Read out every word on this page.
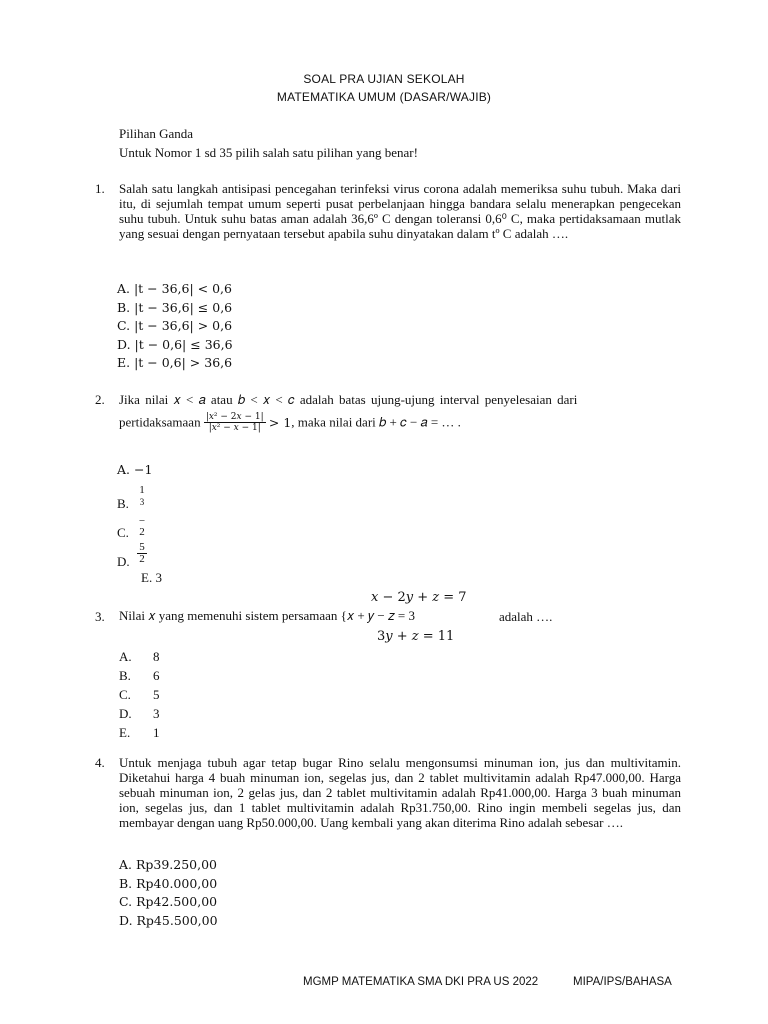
SOAL PRA UJIAN SEKOLAH
MATEMATIKA UMUM (DASAR/WAJIB)
Pilihan Ganda
Untuk Nomor 1 sd 35 pilih salah satu pilihan yang benar!
1.	Salah satu langkah antisipasi pencegahan terinfeksi virus corona adalah memeriksa suhu tubuh. Maka dari itu, di sejumlah tempat umum seperti pusat perbelanjaan hingga bandara selalu menerapkan pengecekan suhu tubuh. Untuk suhu batas aman adalah 36,6º C dengan toleransi 0,6⁰ C, maka pertidaksamaan mutlak yang sesuai dengan pernyataan tersebut apabila suhu dinyatakan dalam tº C adalah ….
A. |t − 36,6| < 0,6
B. |t − 36,6| ≤ 0,6
C. |t − 36,6| > 0,6
D. |t − 0,6| ≤ 36,6
E. |t − 0,6| > 36,6
2.	Jika nilai 𝑥 < 𝑎 atau 𝑏 < 𝑥 < 𝑐 adalah batas ujung-ujung interval penyelesaian dari
pertidaksamaan $\frac{\text{|𝑥² − 2𝑥 − 1|}}{\text{|𝑥² − 𝑥 − 1|}} > 1$, maka nilai dari 𝑏 + 𝑐 − 𝑎 = … .
A. −1
B.
1
3
C.
−
2
D. $\frac{5}{2}$
E. 3
𝑥 − 2𝑦 + 𝑧 = 7
3.	Nilai 𝑥 yang memenuhi sistem persamaan {𝑥 + 𝑦 − 𝑧 = 3	adalah ….
3𝑦 + 𝑧 = 11
A. 8
B. 6
C. 5
D. 3
E. 1
4.	Untuk menjaga tubuh agar tetap bugar Rino selalu mengonsumsi minuman ion, jus dan multivitamin. Diketahui harga 4 buah minuman ion, segelas jus, dan 2 tablet multivitamin adalah Rp47.000,00. Harga sebuah minuman ion, 2 gelas jus, dan 2 tablet multivitamin adalah Rp41.000,00. Harga 3 buah minuman ion, segelas jus, dan 1 tablet multivitamin adalah Rp31.750,00. Rino ingin membeli segelas jus, dan membayar dengan uang Rp50.000,00. Uang kembali yang akan diterima Rino adalah sebesar ….
A. Rp39.250,00
B. Rp40.000,00
C. Rp42.500,00
D. Rp45.500,00
MGMP MATEMATIKA SMA DKI PRA US 2022	MIPA/IPS/BAHASA
